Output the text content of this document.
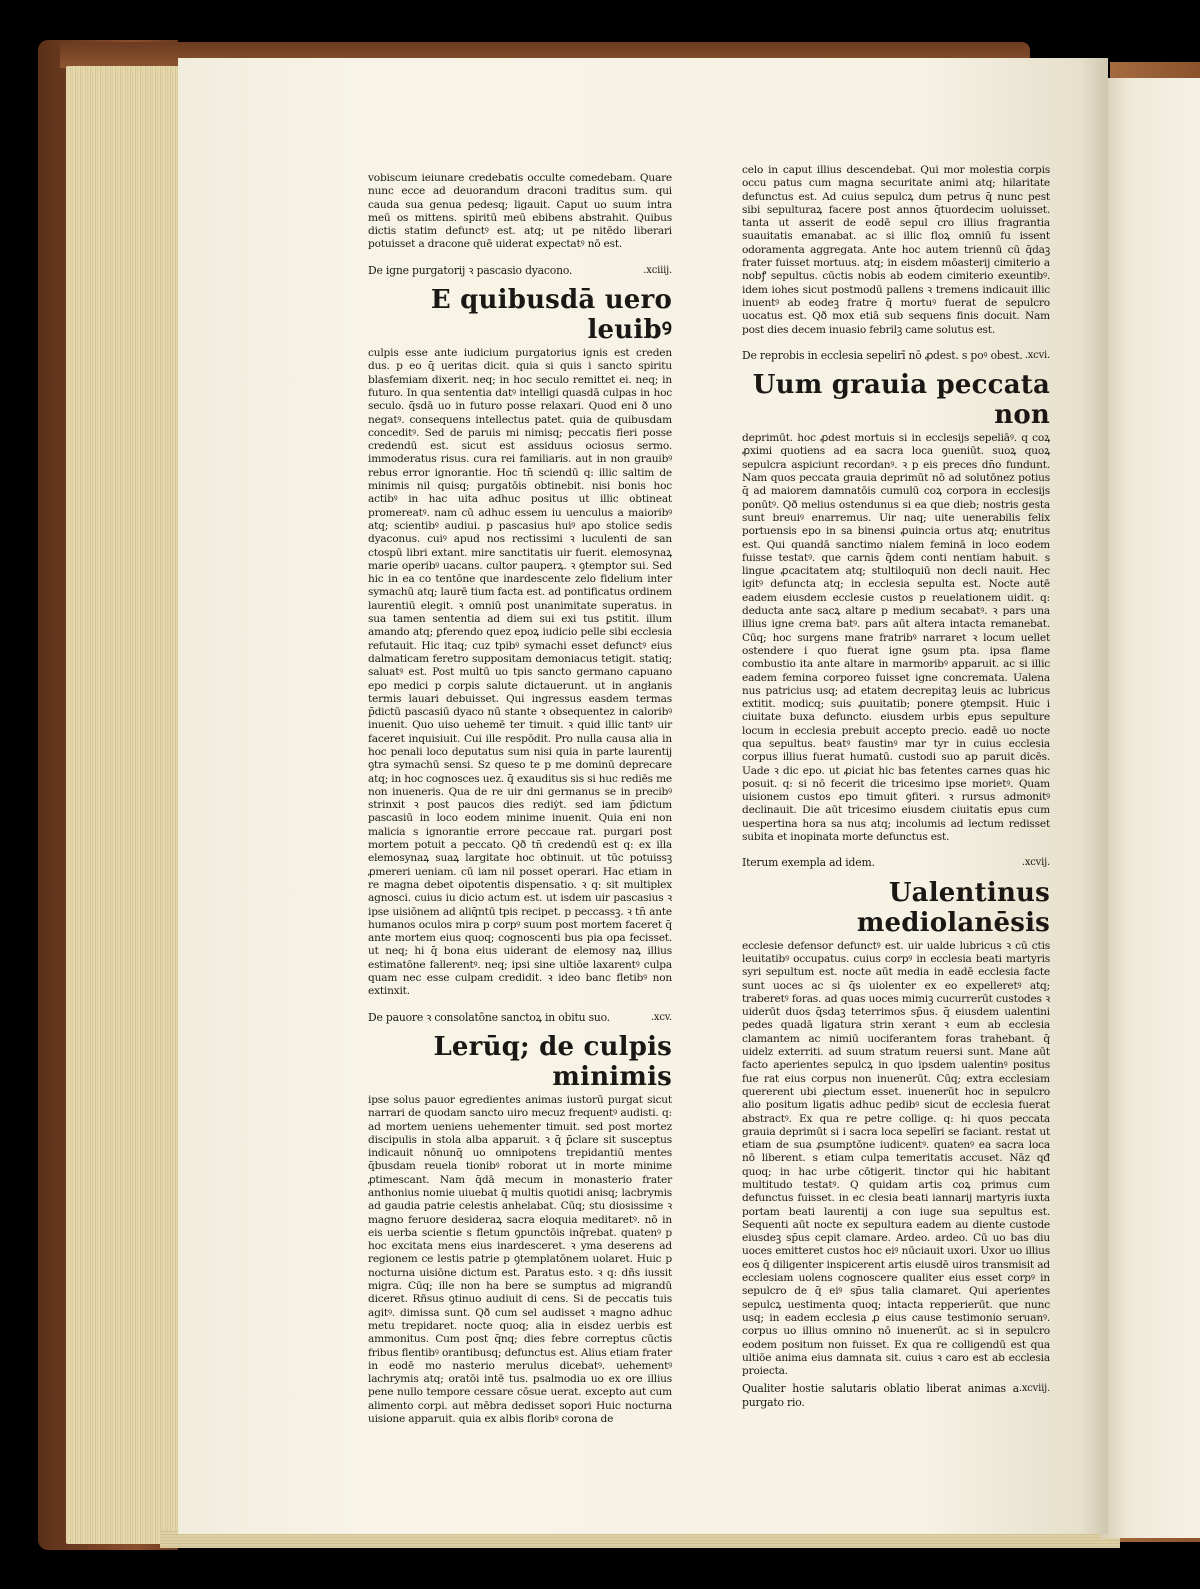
vobiscum ieiunare credebatis occulte comedebam. Quare nunc ecce ad deuorandum draconi traditus sum. qui cauda sua genua pedesq; ligauit. Caput uo suum intra meū os mittens. spiritū meū ebibens abstrahit. Quibus dictis statim defunctꝰ est. atq; ut pe nitēdo liberari potuisset a dracone quē uiderat expectatꝰ nō est.

De igne purgatorij ꝛ pascasio dyacono.	.xciiij.
E quibusdā uero leuibꝰ

culpis esse ante iudicium purgatorius ignis est creden dus. p eo q̄ ueritas dicit. quia si quis i sancto spiritu blasfemiam dixerit. neq; in hoc seculo remittet ei. neq; in futuro. In qua sententia datꝰ intelligi quasdā culpas in hoc seculo. q̄sdā uo in futuro posse relaxari. Quod eni ð uno negatꝰ. consequens intellectus patet. quia de quibusdam conceditꝰ. Sed de paruis mi nimisq; peccatis fieri posse credendū est. sicut est assiduus ociosus sermo. immoderatus risus. cura rei familiaris. aut in non grauibꝰ rebus error ignorantie. Hoc tn̄ sciendū q: illic saltim de minimis nil quisq; purgatōis obtinebit. nisi bonis hoc actibꝰ in hac uita adhuc positus ut illic obtineat promereatꝰ. nam cū adhuc essem iu uenculus a maioribꝰ atq; scientibꝰ audiui. p pascasius huiꝰ apo stolice sedis dyaconus. cuiꝰ apud nos rectissimi ꝛ luculenti de san ctospū libri extant. mire sanctitatis uir fuerit. elemosynaꝝ marie operibꝰ uacans. cultor pauperꝝ. ꝛ ꝯtemptor sui. Sed hic in ea co tentōne que inardescente zelo fidelium inter symachū atq; laurē tium facta est. ad pontificatus ordinem laurentiū elegit. ꝛ omniū post unanimitate superatus. in sua tamen sententia ad diem sui exi tus ꝑstitit. illum amando atq; ꝑferendo quez epoꝝ iudicio pelle sibi ecclesia refutauit. Hic itaq; cuz tpibꝰ symachi esset defunctꝰ eius dalmaticam feretro suppositam demoniacus tetigit. statiq; saluatꝰ est. Post multū uo tpis sancto germano capuano epo medici p corpis salute dictauerunt. ut in angłanis termis lauari debuisset. Qui ingressus easdem termas p̄dictū pascasiū dyaco nū stante ꝛ obsequentez in caloribꝰ inuenit. Quo uiso uehemē ter timuit. ꝛ quid illic tantꝰ uir faceret inquisiuit. Cui ille respōdit. Pro nulla causa alia in hoc penali loco deputatus sum nisi quia in parte laurentij ꝯtra symachū sensi. Sz queso te p me dominū deprecare atq; in hoc cognosces uez. q̄ exauditus sis si huc rediēs me non inueneris. Qua de re uir dni germanus se in precibꝰ strinxit ꝛ post paucos dies rediẏt. sed iam p̄dictum pascasiū in loco eodem minime inuenit. Quia eni non malicia s ignorantie errore peccaue rat. purgari post mortem potuit a peccato. Qð tn̄ credendū est q: ex illa elemosynaꝝ suaꝝ largitate hoc obtinuit. ut tūc potuissꝫ ꝓmereri ueniam. cū iam nil posset operari. Hac etiam in re magna debet oipotentis dispensatio. ꝛ q: sit multiplex agnosci. cuius iu dicio actum est. ut isdem uir pascasius ꝛ ipse uisiōnem ad aliq̄ntū tpis recipet. p peccassꝫ. ꝛ tn̄ ante humanos oculos mira p corpꝰ suum post mortem faceret q̄ ante mortem eius quoq; cognoscenti bus pia opa fecisset. ut neq; hi q̄ bona eius uiderant de elemosy naꝝ illius estimatōne fallerentꝰ. neq; ipsi sine ultiōe laxarentꝰ culpa quam nec esse culpam credidit. ꝛ ideo banc fletibꝰ non extinxit.

De pauore ꝛ consolatōne sanctoꝝ in obitu suo.	.xcv.
Lerūq; de culpis minimis

ipse solus pauor egredientes animas iustorū purgat sicut narrari de quodam sancto uiro mecuz frequentꝰ audisti. q: ad mortem ueniens uehementer timuit. sed post mortez discipulis in stola alba apparuit. ꝛ q̄ p̄clare sit susceptus indicauit nōnunq̄ uo omnipotens trepidantiū mentes q̄busdam reuela tionibꝰ roborat ut in morte minime ꝓtimescant. Nam q̄dā mecum in monasterio frater anthonius nomie uiuebat q̄ multis quotidi anisq; lacbrymis ad gaudia patrie celestis anhelabat. Cūq; stu diosissime ꝛ magno feruore desideraꝝ sacra eloquia meditaretꝰ. nō in eis uerba scientie s fletum ꝯpunctōis inq̄rebat. quatenꝰ p hoc excitata mens eius inardesceret. ꝛ yma deserens ad regionem ce lestis patrie p ꝯtemplatōnem uolaret. Huic p nocturna uisiōne dictum est. Paratus esto. ꝛ q: dñs iussit migra. Cūq; ille non ha bere se sumptus ad migrandū diceret. Rñsus ꝯtinuo audiuit di cens. Si de peccatis tuis agitꝰ. dimissa sunt. Qð cum sel audisset ꝛ magno adhuc metu trepidaret. nocte quoq; alia in eisdez uerbis est ammonitus. Cum post q̄nq; dies febre correptus cūctis fribus flentibꝰ orantibusq; defunctus est. Alius etiam frater in eodē mo nasterio merulus dicebatꝰ. uehementꝰ lachrymis atq; oratōi intē tus. psalmodia uo ex ore illius pene nullo tempore cessare cōsue uerat. excepto aut cum alimento corpi. aut mēbra dedisset sopori Huic nocturna uisione apparuit. quia ex albis floribꝰ corona de

celo in caput illius descendebat. Qui mor molestia corpis occu patus cum magna securitate animi atq; hilaritate defunctus est. Ad cuius sepulcꝝ dum petrus q̄ nunc pest sibi sepulturaꝝ facere post annos q̄tuordecim uoluisset. tanta ut asserit de eodē sepul cro illius fragrantia suauitatis emanabat. ac si illic floꝝ omniū fu issent odoramenta aggregata. Ante hoc autem triennū cū q̄daꝫ frater fuisset mortuus. atq; in eisdem mōasterij cimiterio a nobꝭ sepultus. cūctis nobis ab eodem cimiterio exeuntibꝰ. idem iohes sicut postmodū pallens ꝛ tremens indicauit illic inuentꝰ ab eodeꝫ fratre q̄ mortuꝰ fuerat de sepulcro uocatus est. Qð mox etiā sub sequens finis docuit. Nam post dies decem inuasio febrilꝫ came solutus est.

De reprobis in ecclesia sepelirī nō ꝓdest. s poꝰ obest. .xcvi.
Uum grauia peccata non

deprimūt. hoc ꝓdest mortuis si in ecclesijs sepeliāꝰ. q coꝝ ꝓximi quotiens ad ea sacra loca ꝯueniūt. suoꝝ quoꝝ sepulcra aspiciunt recordanꝰ. ꝛ p eis preces dn̄o fundunt. Nam quos peccata grauia deprimūt nō ad solutōnez potius q̄ ad maiorem damnatōis cumulū coꝝ corpora in ecclesijs ponūtꝰ. Qð melius ostendunus si ea que dieb; nostris gesta sunt breuiꝰ enarremus. Uir naq; uite uenerabilis felix portuensis epo in sa binensi ꝓuincia ortus atq; enutritus est. Qui quandā sanctimo nialem feminā in loco eodem fuisse testatꝰ. que carnis q̄dem conti nentiam habuit. s lingue ꝓcacitatem atq; stultiloquiū non decli nauit. Hec igitꝰ defuncta atq; in ecclesia sepulta est. Nocte autē eadem eiusdem ecclesie custos p reuelationem uidit. q: deducta ante sacꝝ altare p medium secabatꝰ. ꝛ pars una illius igne crema batꝰ. pars aūt altera intacta remanebat. Cūq; hoc surgens mane fratribꝰ narraret ꝛ locum uellet ostendere i quo fuerat igne ꝯsum pta. ipsa flame combustio ita ante altare in marmoribꝰ apparuit. ac si illic eadem femina corporeo fuisset igne concremata. Ualena nus patricius usq; ad etatem decrepitaꝫ leuis ac lubricus extitit. modicq; suis ꝓuuitatib; ponere ꝯtempsit. Huic i ciuitate buxa defuncto. eiusdem urbis epus sepulture locum in ecclesia prebuit accepto precio. eadē uo nocte qua sepultus. beatꝰ faustinꝰ mar tyr in cuius ecclesia corpus illius fuerat humatū. custodi suo ap paruit dicēs. Uade ꝛ dic epo. ut ꝓiciat hic bas fetentes carnes quas hic posuit. q: si nō fecerit die tricesimo ipse morietꝰ. Quam uisionem custos epo timuit ꝯfiteri. ꝛ rursus admonitꝰ declinauit. Die aūt tricesimo eiusdem ciuitatis epus cum uespertina hora sa nus atq; incolumis ad lectum redisset subita et inopinata morte defunctus est.

Iterum exempla ad idem.	.xcvij.
Ualentinus mediolanēsis

ecclesie defensor defunctꝰ est. uir ualde lubricus ꝛ cū ctis leuitatibꝰ occupatus. cuius corpꝰ in ecclesia beati martyris syri sepultum est. nocte aūt media in eadē ecclesia facte sunt uoces ac si q̄s uiolenter ex eo expelleretꝰ atq; traberetꝰ foras. ad quas uoces mimiꝫ cucurrerūt custodes ꝛ uiderūt duos q̄sdaꝫ teterrimos sp̄us. q̄ eiusdem ualentini pedes quadā ligatura strin xerant ꝛ eum ab ecclesia clamantem ac nimiū uociferantem foras trahebant. q̄ uidelz exterriti. ad suum stratum reuersi sunt. Mane aūt facto aperientes sepulcꝝ in quo ipsdem ualentinꝰ positus fue rat eius corpus non inuenerūt. Cūq; extra ecclesiam quererent ubi ꝓiectum esset. inuenerūt hoc in sepulcro alio positum ligatis adhuc pedibꝰ sicut de ecclesia fuerat abstractꝰ. Ex qua re petre collige. q: hi quos peccata grauia deprimūt si i sacra loca sepelīri se faciant. restat ut etiam de sua ꝓsumptōne iudicentꝰ. quatenꝰ ea sacra loca nō liberent. s etiam culpa temeritatis accuset. Nāz qđ quoq; in hac urbe cōtigerit. tinctor qui hic habitant multitudo testatꝰ. Q quidam artis coꝝ primus cum defunctus fuisset. in ec clesia beati iannarij martyris iuxta portam beati laurentij a con iuge sua sepultus est. Sequenti aūt nocte ex sepultura eadem au diente custode eiusdeꝫ sp̄us cepit clamare. Ardeo. ardeo. Cū uo bas diu uoces emitteret custos hoc eiꝰ nūciauit uxori. Uxor uo illius eos q̄ diligenter inspicerent artis eiusdē uiros transmisit ad ecclesiam uolens cognoscere qualiter eius esset corpꝰ in sepulcro de q̄ eiꝰ sp̄us talia clamaret. Qui aperientes sepulcꝝ uestimenta quoq; intacta repperierūt. que nunc usq; in eadem ecclesia ꝓ eius cause testimonio seruanꝰ. corpus uo illius omnino nō inuenerūt. ac si in sepulcro eodem positum non fuisset. Ex qua re colligendū est qua ultiōe anima eius damnata sit. cuius ꝛ caro est ab ecclesia proiecta.

Qualiter hostie salutaris oblatio liberat animas a purgato rio.
.xcviij.
